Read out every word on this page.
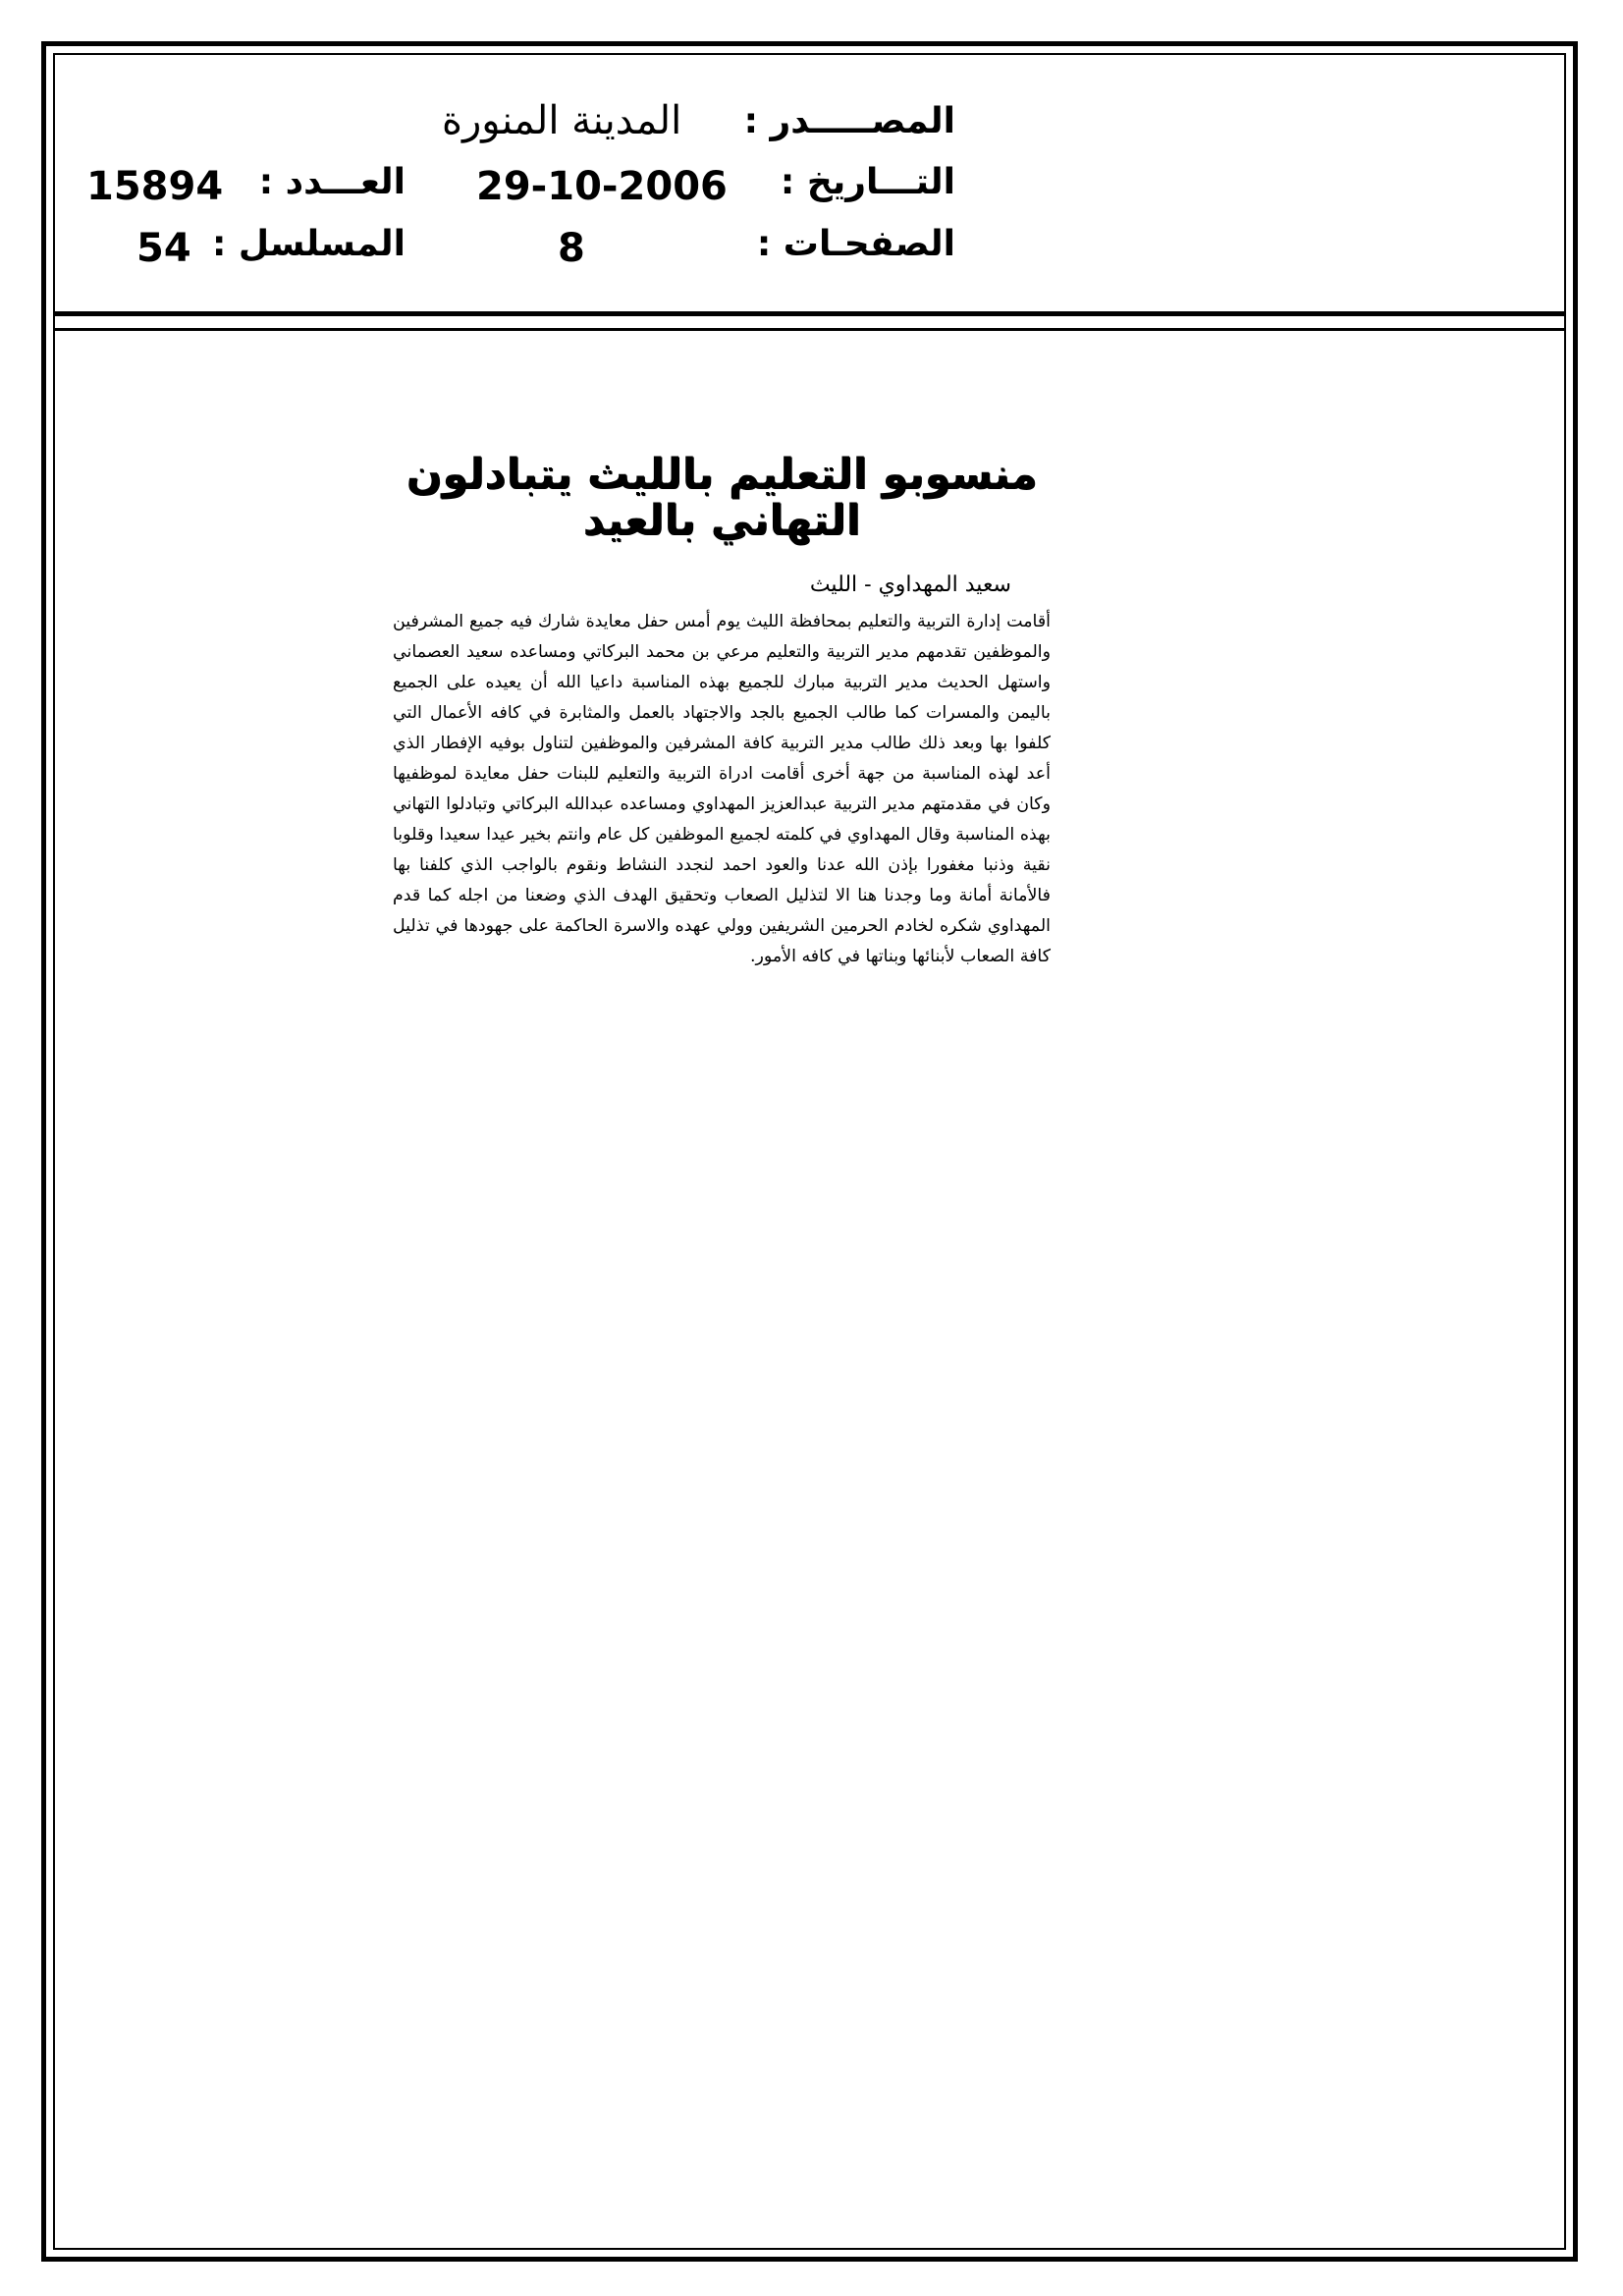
المصـــــدر :
المدينة المنورة
التـــاريخ :
29-10-2006
الصفحـات :
8
العـــدد :
15894
المسلسل :
54
منسوبو التعليم بالليث يتبادلون التهاني بالعيد
سعيد المهداوي - الليث
أقامت إدارة التربية والتعليم بمحافظة الليث يوم أمس حفل معايدة شارك فيه جميع المشرفين والموظفين تقدمهم مدير التربية والتعليم مرعي بن محمد البركاتي ومساعده سعيد العصماني واستهل الحديث مدير التربية مبارك للجميع بهذه المناسبة داعيا الله أن يعيده على الجميع باليمن والمسرات كما طالب الجميع بالجد والاجتهاد بالعمل والمثابرة في كافه الأعمال التي كلفوا بها وبعد ذلك طالب مدير التربية كافة المشرفين والموظفين لتناول بوفيه الإفطار الذي أعد لهذه المناسبة من جهة أخرى أقامت ادراة التربية والتعليم للبنات حفل معايدة لموظفيها وكان في مقدمتهم مدير التربية عبدالعزيز المهداوي ومساعده عبدالله البركاتي وتبادلوا التهاني بهذه المناسبة وقال المهداوي في كلمته لجميع الموظفين كل عام وانتم بخير عيدا سعيدا وقلوبا نقية وذنبا مغفورا بإذن الله عدنا والعود احمد لنجدد النشاط ونقوم بالواجب الذي كلفنا بها فالأمانة أمانة وما وجدنا هنا الا لتذليل الصعاب وتحقيق الهدف الذي وضعنا من اجله كما قدم المهداوي شكره لخادم الحرمين الشريفين وولي عهده والاسرة الحاكمة على جهودها في تذليل كافة الصعاب لأبنائها وبناتها في كافه الأمور.
